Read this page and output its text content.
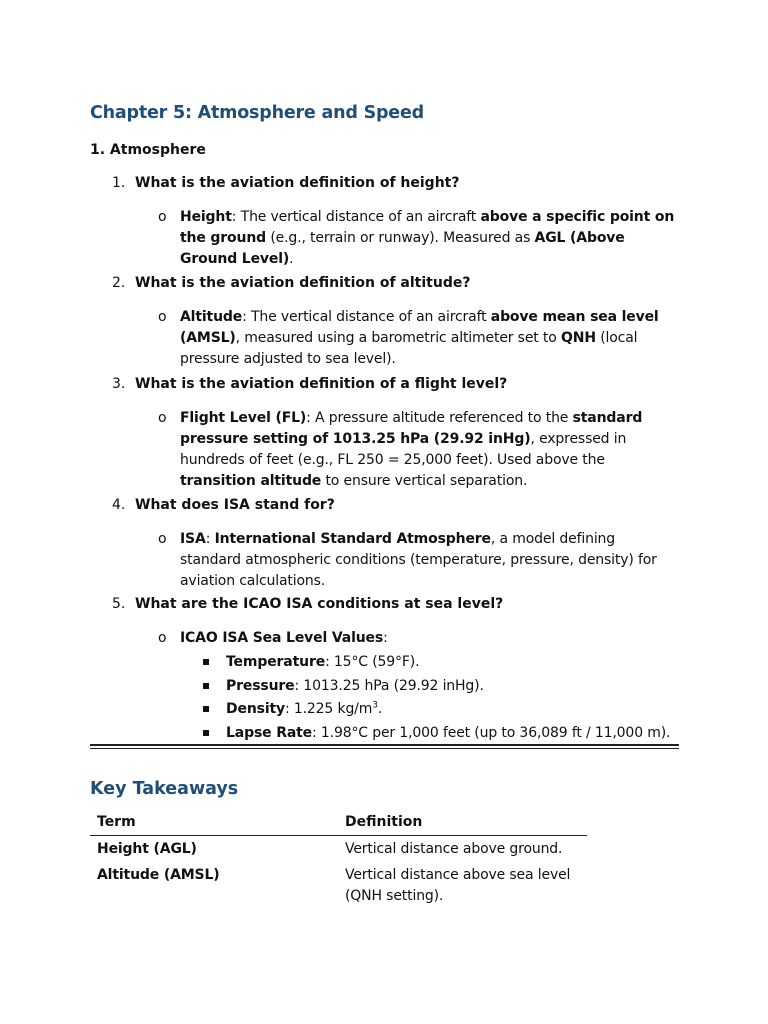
Chapter 5: Atmosphere and Speed
1. Atmosphere
1. What is the aviation definition of height?
o Height: The vertical distance of an aircraft above a specific point on the ground (e.g., terrain or runway). Measured as AGL (Above Ground Level).
2. What is the aviation definition of altitude?
o Altitude: The vertical distance of an aircraft above mean sea level (AMSL), measured using a barometric altimeter set to QNH (local pressure adjusted to sea level).
3. What is the aviation definition of a flight level?
o Flight Level (FL): A pressure altitude referenced to the standard pressure setting of 1013.25 hPa (29.92 inHg), expressed in hundreds of feet (e.g., FL 250 = 25,000 feet). Used above the transition altitude to ensure vertical separation.
4. What does ISA stand for?
o ISA: International Standard Atmosphere, a model defining standard atmospheric conditions (temperature, pressure, density) for aviation calculations.
5. What are the ICAO ISA conditions at sea level?
o ICAO ISA Sea Level Values:
Temperature: 15°C (59°F).
Pressure: 1013.25 hPa (29.92 inHg).
Density: 1.225 $kg/m^3$.
Lapse Rate: 1.98°C per 1,000 feet (up to 36,089 ft / 11,000 m).
Key Takeaways
Term	Definition
Height (AGL)	Vertical distance above ground.
Altitude (AMSL)	Vertical distance above sea level (QNH setting).
